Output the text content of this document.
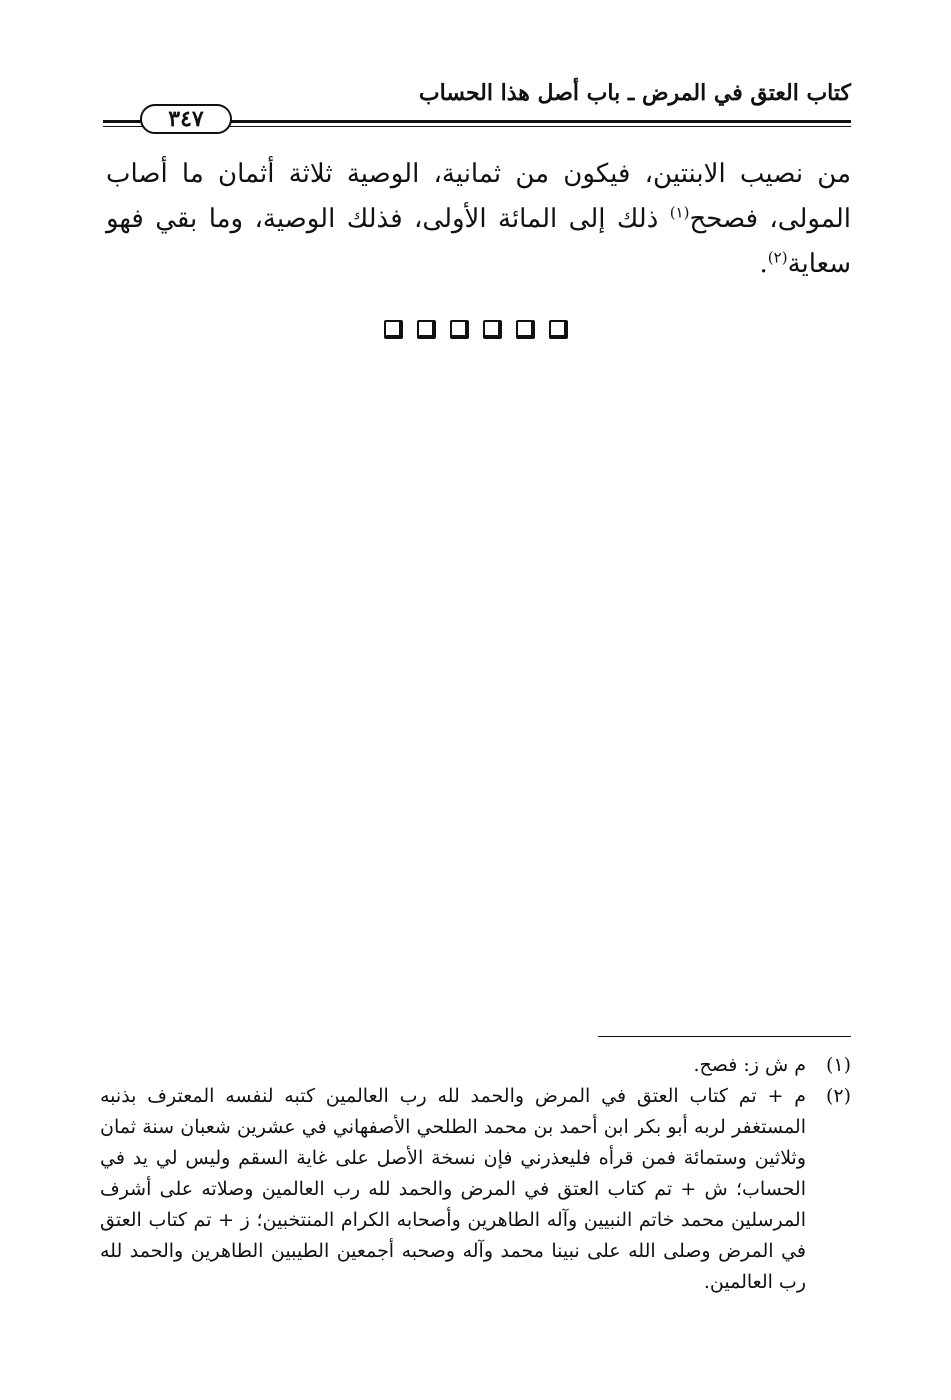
كتاب العتق في المرض ـ باب أصل هذا الحساب
٣٤٧

من نصيب الابنتين، فيكون من ثمانية، الوصية ثلاثة أثمان ما أصاب المولى، فصحح$^{(١)}$ ذلك إلى المائة الأولى، فذلك الوصية، وما بقي فهو سعاية$^{(٢)}$.

(١)
م ش ز: فصح.
(٢)
م + تم كتاب العتق في المرض والحمد لله رب العالمين كتبه لنفسه المعترف بذنبه المستغفر لربه أبو بكر ابن أحمد بن محمد الطلحي الأصفهاني في عشرين شعبان سنة ثمان وثلاثين وستمائة فمن قرأه فليعذرني فإن نسخة الأصل على غاية السقم وليس لي يد في الحساب؛ ش + تم كتاب العتق في المرض والحمد لله رب العالمين وصلاته على أشرف المرسلين محمد خاتم النبيين وآله الطاهرين وأصحابه الكرام المنتخبين؛ ز + تم كتاب العتق في المرض وصلى الله على نبينا محمد وآله وصحبه أجمعين الطيبين الطاهرين والحمد لله رب العالمين.
